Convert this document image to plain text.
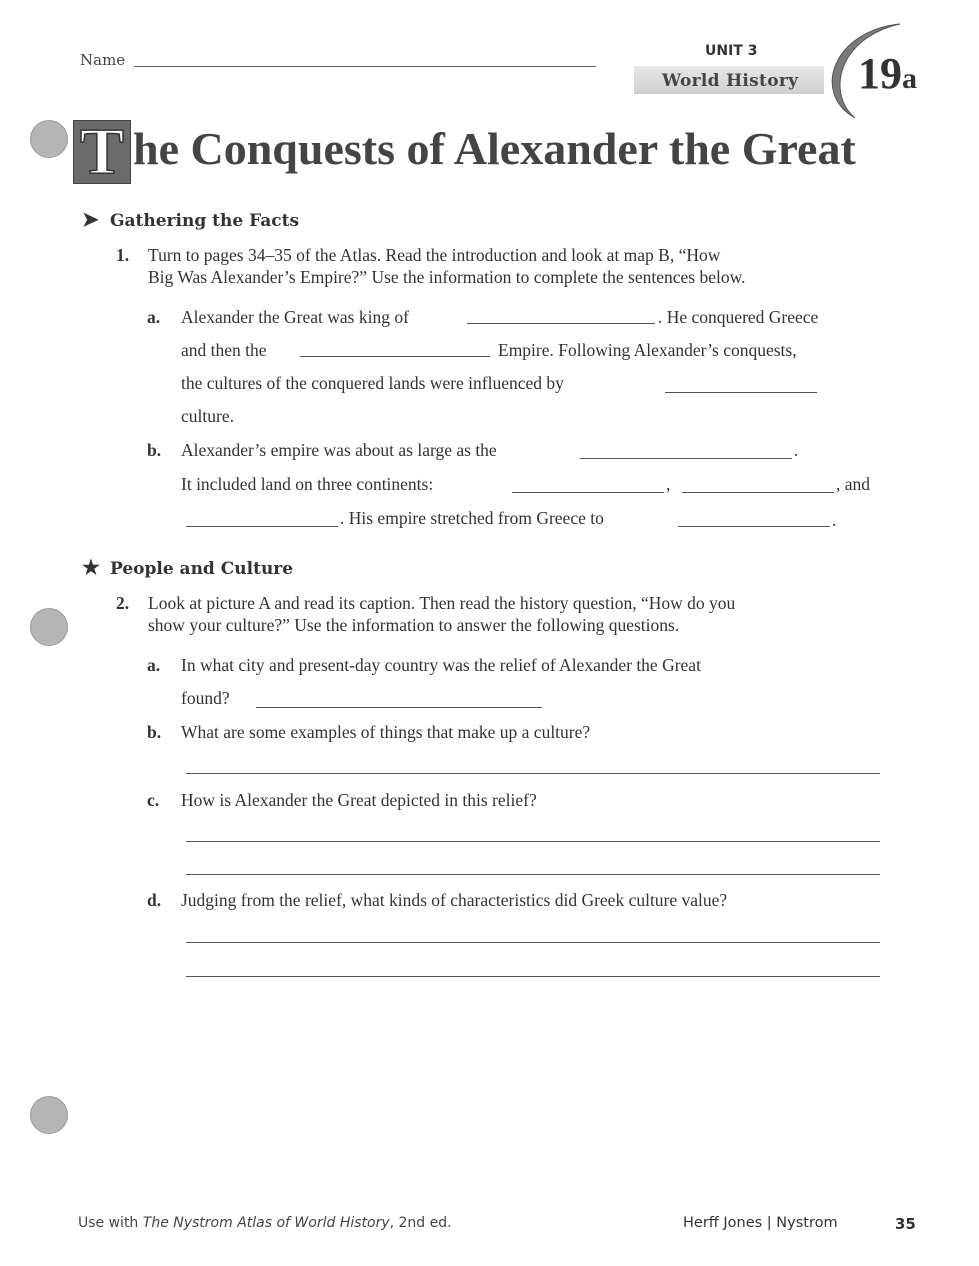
Name	UNIT 3
World History 19a
T he Conquests of Alexander the Great
➤ Gathering the Facts
1. Turn to pages 34–35 of the Atlas. Read the introduction and look at map B, “How
Big Was Alexander’s Empire?” Use the information to complete the sentences below.
a. Alexander the Great was king of	. He conquered Greece
and then the	Empire. Following Alexander’s conquests,
the cultures of the conquered lands were influenced by
culture.
b. Alexander’s empire was about as large as the	.
It included land on three continents:	,	, and
. His empire stretched from Greece to	.
★ People and Culture
2. Look at picture A and read its caption. Then read the history question, “How do you
show your culture?” Use the information to answer the following questions.
a. In what city and present-day country was the relief of Alexander the Great
found?
b. What are some examples of things that make up a culture?
c. How is Alexander the Great depicted in this relief?
d. Judging from the relief, what kinds of characteristics did Greek culture value?
Use with The Nystrom Atlas of World History, 2nd ed.	Herff Jones | Nystrom	35
